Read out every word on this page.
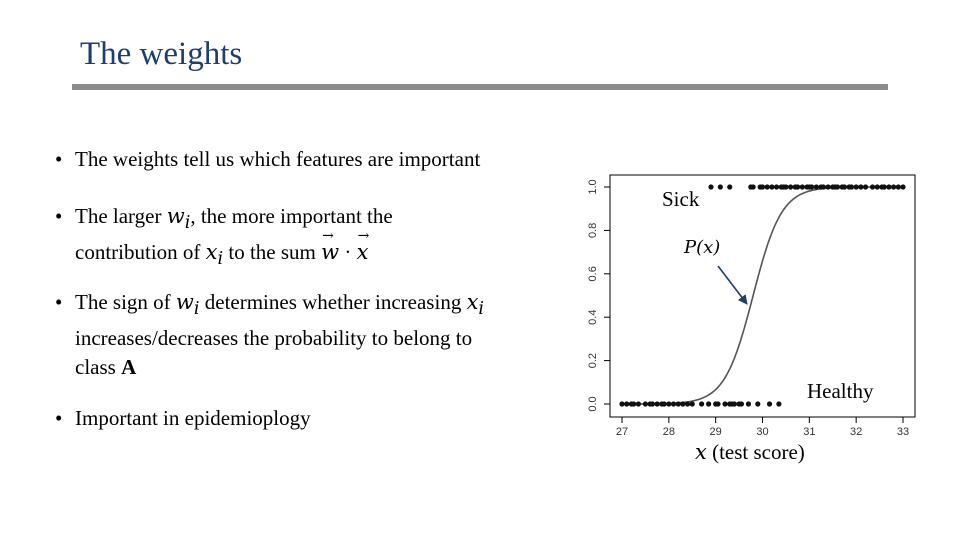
The weights
• The weights tell us which features are important
• The larger $w_i$, the more important the
contribution of $x_i$ to the sum → w · → x
• The sign of $w_i$ determines whether increasing $x_i$
increases/decreases the probability to belong to
class A
• Important in epidemioplogy
0.0
0.2
0.4
0.6
0.8
1.0
27	28	29	30	31	32	33
Sick
P(x)
Healthy
x (test score)
